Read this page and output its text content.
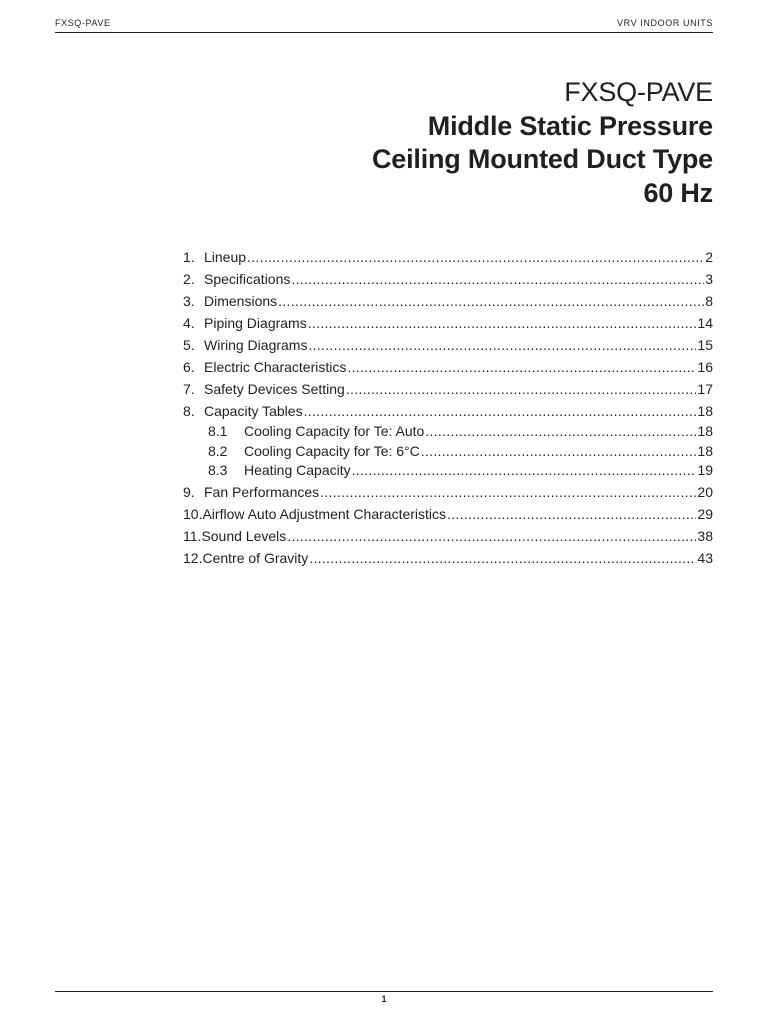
FXSQ-PAVE	VRV INDOOR UNITS
FXSQ-PAVE
Middle Static Pressure
Ceiling Mounted Duct Type
60 Hz
1. Lineup .....	2
2. Specifications .....	3
3. Dimensions .....	8
4. Piping Diagrams .....	14
5. Wiring Diagrams .....	15
6. Electric Characteristics .....	16
7. Safety Devices Setting .....	17
8. Capacity Tables .....	18
8.1	Cooling Capacity for Te: Auto .....	18
8.2	Cooling Capacity for Te: 6°C .....	18
8.3	Heating Capacity .....	19
9. Fan Performances .....	20
10. Airflow Auto Adjustment Characteristics .....	29
11. Sound Levels .....	38
12. Centre of Gravity .....	43
1
